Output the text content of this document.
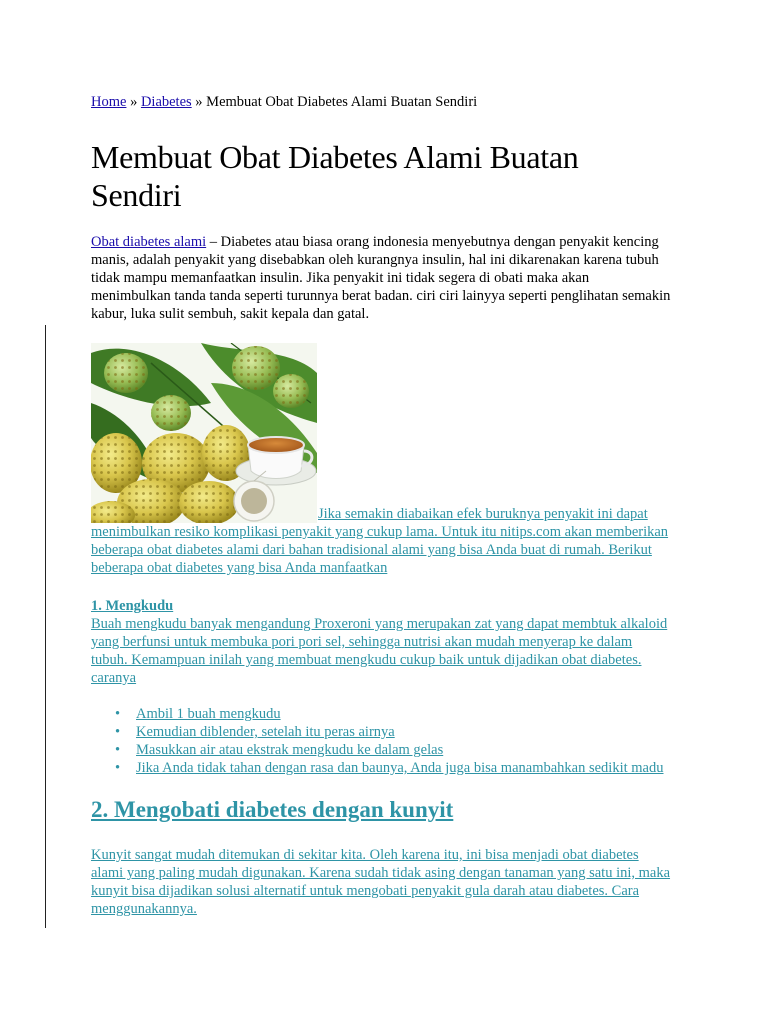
Home » Diabetes » Membuat Obat Diabetes Alami Buatan Sendiri
Membuat Obat Diabetes Alami Buatan Sendiri

Obat diabetes alami – Diabetes atau biasa orang indonesia menyebutnya dengan penyakit kencing manis, adalah penyakit yang disebabkan oleh kurangnya insulin, hal ini dikarenakan karena tubuh tidak mampu memanfaatkan insulin. Jika penyakit ini tidak segera di obati maka akan menimbulkan tanda tanda seperti turunnya berat badan. ciri ciri lainyya seperti penglihatan semakin kabur, luka sulit sembuh, sakit kepala dan gatal.

Jika semakin diabaikan efek buruknya penyakit ini dapat menimbulkan resiko komplikasi penyakit yang cukup lama. Untuk itu nitips.com akan memberikan beberapa obat diabetes alami dari bahan tradisional alami yang bisa Anda buat di rumah. Berikut beberapa obat diabetes yang bisa Anda manfaatkan
1. Mengkudu
Buah mengkudu banyak mengandung Proxeroni yang merupakan zat yang dapat membtuk alkaloid yang berfunsi untuk membuka pori pori sel, sehingga nutrisi akan mudah menyerap ke dalam tubuh. Kemampuan inilah yang membuat mengkudu cukup baik untuk dijadikan obat diabetes. caranya
• Ambil 1 buah mengkudu
• Kemudian diblender, setelah itu peras airnya
• Masukkan air atau ekstrak mengkudu ke dalam gelas
• Jika Anda tidak tahan dengan rasa dan baunya, Anda juga bisa manambahkan sedikit madu
2. Mengobati diabetes dengan kunyit
Kunyit sangat mudah ditemukan di sekitar kita. Oleh karena itu, ini bisa menjadi obat diabetes alami yang paling mudah digunakan. Karena sudah tidak asing dengan tanaman yang satu ini, maka kunyit bisa dijadikan solusi alternatif untuk mengobati penyakit gula darah atau diabetes. Cara menggunakannya.
